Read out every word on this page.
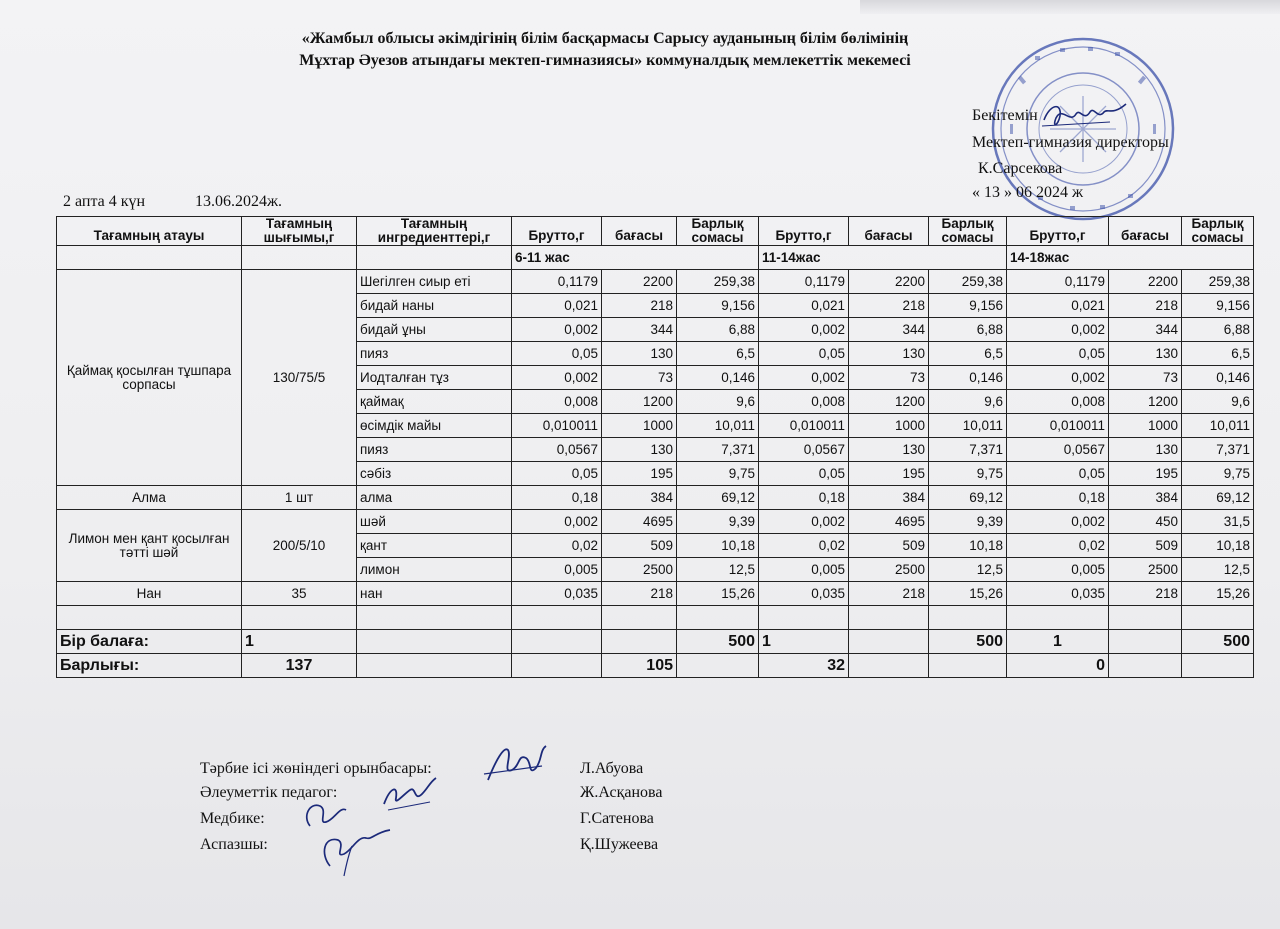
«Жамбыл облысы әкімдігінің білім басқармасы Сарысу ауданының білім бөлімінің
Мұхтар Әуезов атындағы мектеп-гимназиясы» коммуналдық мемлекеттік мекемесі
Бекітемін
Мектеп-гимназия директоры
К.Сарсекова
« 13 » 06 2024 ж
2 апта 4 күн	13.06.2024ж.
Тағамның атауы	Тағамның шығымы,г	Тағамның ингредиенттері,г	Брутто,г	бағасы	Барлық сомасы	Брутто,г	бағасы	Барлық сомасы	Брутто,г	бағасы	Барлық сомасы
			6-11 жас			11-14жас			14-18жас		
Қаймақ қосылған тұшпара сорпасы	130/75/5	Шегілген сиыр еті	0,1179	2200	259,38	0,1179	2200	259,38	0,1179	2200	259,38
		бидай наны	0,021	218	9,156	0,021	218	9,156	0,021	218	9,156
		бидай ұны	0,002	344	6,88	0,002	344	6,88	0,002	344	6,88
		пияз	0,05	130	6,5	0,05	130	6,5	0,05	130	6,5
		Иодталған тұз	0,002	73	0,146	0,002	73	0,146	0,002	73	0,146
		қаймақ	0,008	1200	9,6	0,008	1200	9,6	0,008	1200	9,6
		өсімдік майы	0,010011	1000	10,011	0,010011	1000	10,011	0,010011	1000	10,011
		пияз	0,0567	130	7,371	0,0567	130	7,371	0,0567	130	7,371
		сәбіз	0,05	195	9,75	0,05	195	9,75	0,05	195	9,75
Алма	1 шт	алма	0,18	384	69,12	0,18	384	69,12	0,18	384	69,12
Лимон мен қант қосылған тәтті шәй	200/5/10	шәй	0,002	4695	9,39	0,002	4695	9,39	0,002	450	31,5
		қант	0,02	509	10,18	0,02	509	10,18	0,02	509	10,18
		лимон	0,005	2500	12,5	0,005	2500	12,5	0,005	2500	12,5
Нан	35	нан	0,035	218	15,26	0,035	218	15,26	0,035	218	15,26

Бір балаға:	1				500	1		500	1		500
Барлығы:	137			105		32			0		
Тәрбие ісі жөніндегі орынбасары:	Л.Абуова
Әлеуметтік педагог:	Ж.Асқанова
Медбике:	Г.Сатенова
Аспазшы:	Қ.Шужеева
